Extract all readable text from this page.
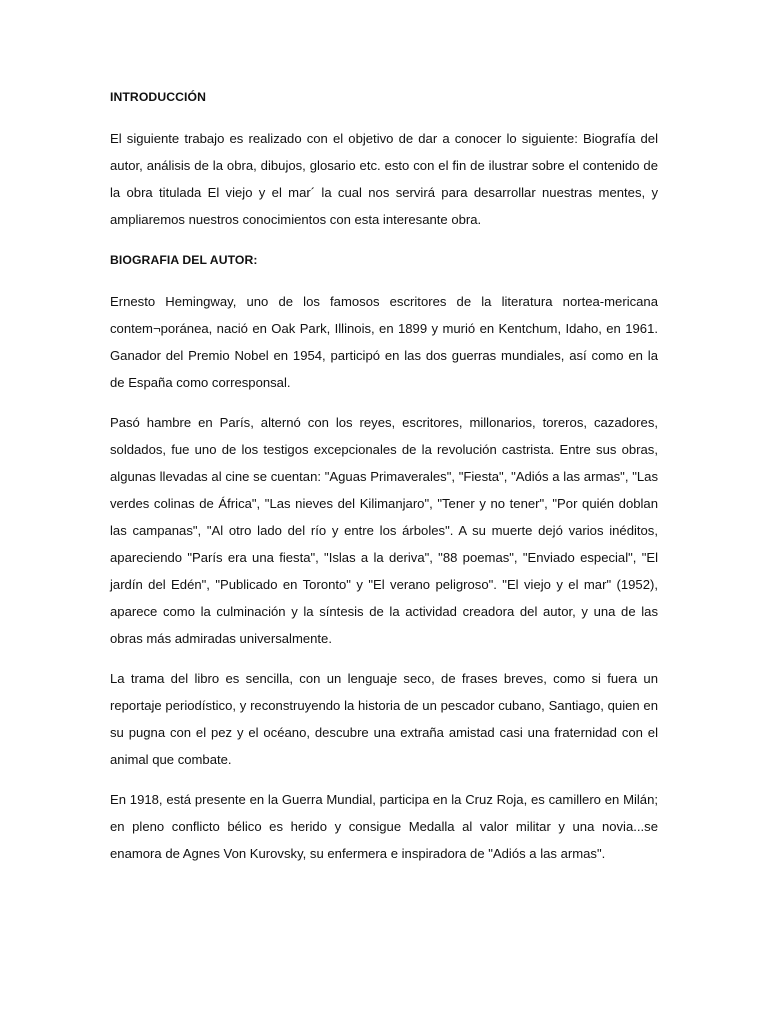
INTRODUCCIÓN

El siguiente trabajo es realizado con el objetivo de dar a conocer lo siguiente: Biografía del autor, análisis de la obra, dibujos, glosario etc. esto con el fin de ilustrar sobre el contenido de la obra titulada El viejo y el mar´ la cual nos servirá para desarrollar nuestras mentes, y ampliaremos nuestros conocimientos con esta interesante obra.

BIOGRAFIA DEL AUTOR:

Ernesto Hemingway, uno de los famosos escritores de la literatura nortea-mericana contem¬poránea, nació en Oak Park, Illinois, en 1899 y murió en Kentchum, Idaho, en 1961. Ganador del Premio Nobel en 1954, participó en las dos guerras mundiales, así como en la de España como corresponsal.

Pasó hambre en París, alternó con los reyes, escritores, millonarios, toreros, cazadores, soldados, fue uno de los testigos excepcionales de la revolución castrista. Entre sus obras, algunas llevadas al cine se cuentan: "Aguas Primaverales", "Fiesta", "Adiós a las armas", "Las verdes colinas de África", "Las nieves del Kilimanjaro", "Tener y no tener", "Por quién doblan las campanas", "Al otro lado del río y entre los árboles". A su muerte dejó varios inéditos, apareciendo "París era una fiesta", "Islas a la deriva", "88 poemas", "Enviado especial", "El jardín del Edén", "Publicado en Toronto" y "El verano peligroso". "El viejo y el mar" (1952), aparece como la culminación y la síntesis de la actividad creadora del autor, y una de las obras más admiradas universalmente.

La trama del libro es sencilla, con un lenguaje seco, de frases breves, como si fuera un reportaje periodístico, y reconstruyendo la historia de un pescador cubano, Santiago, quien en su pugna con el pez y el océano, descubre una extraña amistad casi una fraternidad con el animal que combate.

En 1918, está presente en la Guerra Mundial, participa en la Cruz Roja, es camillero en Milán; en pleno conflicto bélico es herido y consigue Medalla al valor militar y una novia...se enamora de Agnes Von Kurovsky, su enfermera e inspiradora de "Adiós a las armas".
